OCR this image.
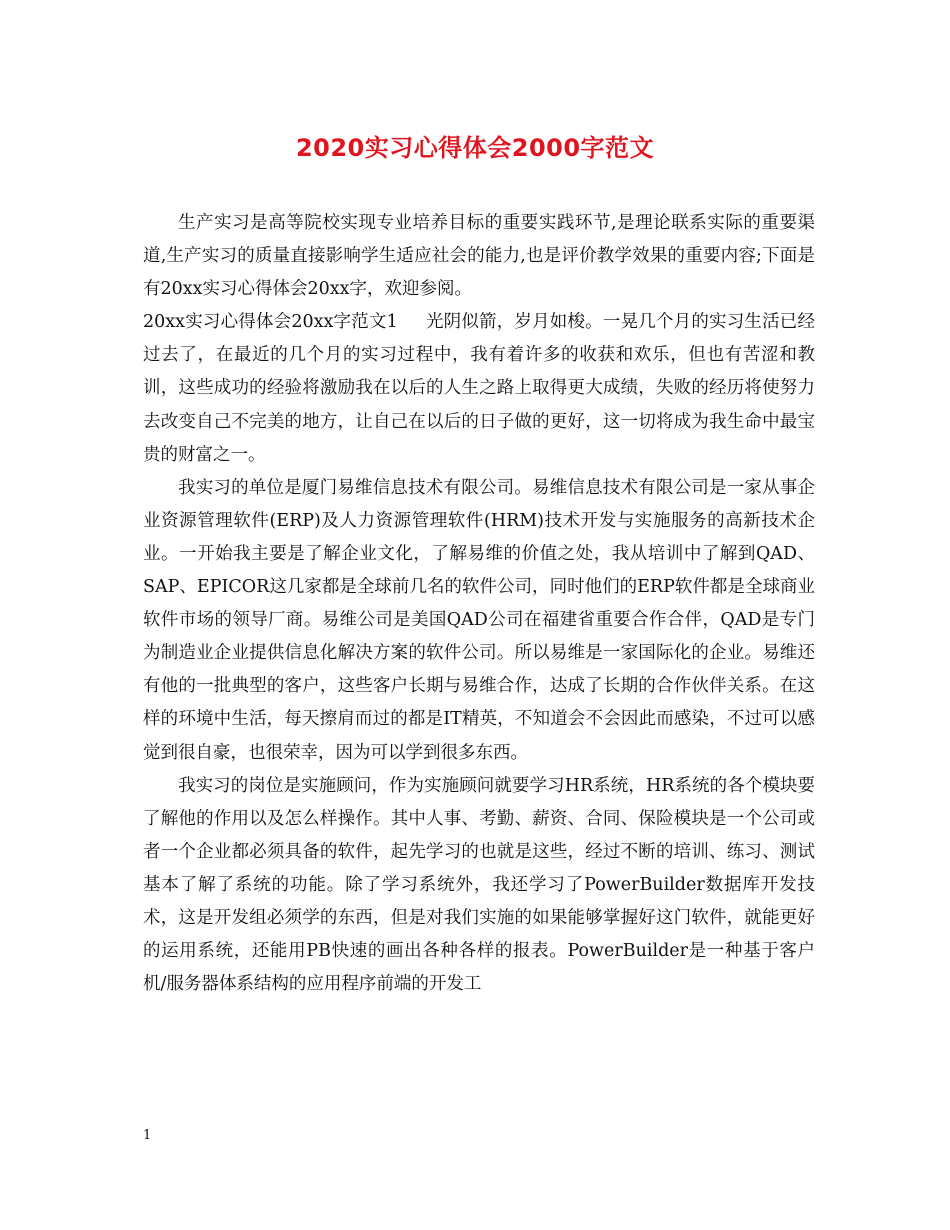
2020实习心得体会2000字范文

生产实习是高等院校实现专业培养目标的重要实践环节,是理论联系实际的重要渠道,生产实习的质量直接影响学生适应社会的能力,也是评价教学效果的重要内容;下面是有20xx实习心得体会20xx字，欢迎参阅。

20xx实习心得体会20xx字范文1 光阴似箭，岁月如梭。一晃几个月的实习生活已经过去了，在最近的几个月的实习过程中，我有着许多的收获和欢乐，但也有苦涩和教训，这些成功的经验将激励我在以后的人生之路上取得更大成绩，失败的经历将使努力去改变自己不完美的地方，让自己在以后的日子做的更好，这一切将成为我生命中最宝贵的财富之一。

我实习的单位是厦门易维信息技术有限公司。易维信息技术有限公司是一家从事企业资源管理软件(ERP)及人力资源管理软件(HRM)技术开发与实施服务的高新技术企业。一开始我主要是了解企业文化，了解易维的价值之处，我从培训中了解到QAD、SAP、EPICOR这几家都是全球前几名的软件公司，同时他们的ERP软件都是全球商业软件市场的领导厂商。易维公司是美国QAD公司在福建省重要合作合伴，QAD是专门为制造业企业提供信息化解决方案的软件公司。所以易维是一家国际化的企业。易维还有他的一批典型的客户，这些客户长期与易维合作，达成了长期的合作伙伴关系。在这样的环境中生活，每天擦肩而过的都是IT精英，不知道会不会因此而感染，不过可以感觉到很自豪，也很荣幸，因为可以学到很多东西。

我实习的岗位是实施顾问，作为实施顾问就要学习HR系统，HR系统的各个模块要了解他的作用以及怎么样操作。其中人事、考勤、薪资、合同、保险模块是一个公司或者一个企业都必须具备的软件，起先学习的也就是这些，经过不断的培训、练习、测试基本了解了系统的功能。除了学习系统外，我还学习了PowerBuilder数据库开发技术，这是开发组必须学的东西，但是对我们实施的如果能够掌握好这门软件，就能更好的运用系统，还能用PB快速的画出各种各样的报表。PowerBuilder是一种基于客户机/服务器体系结构的应用程序前端的开发工

1
